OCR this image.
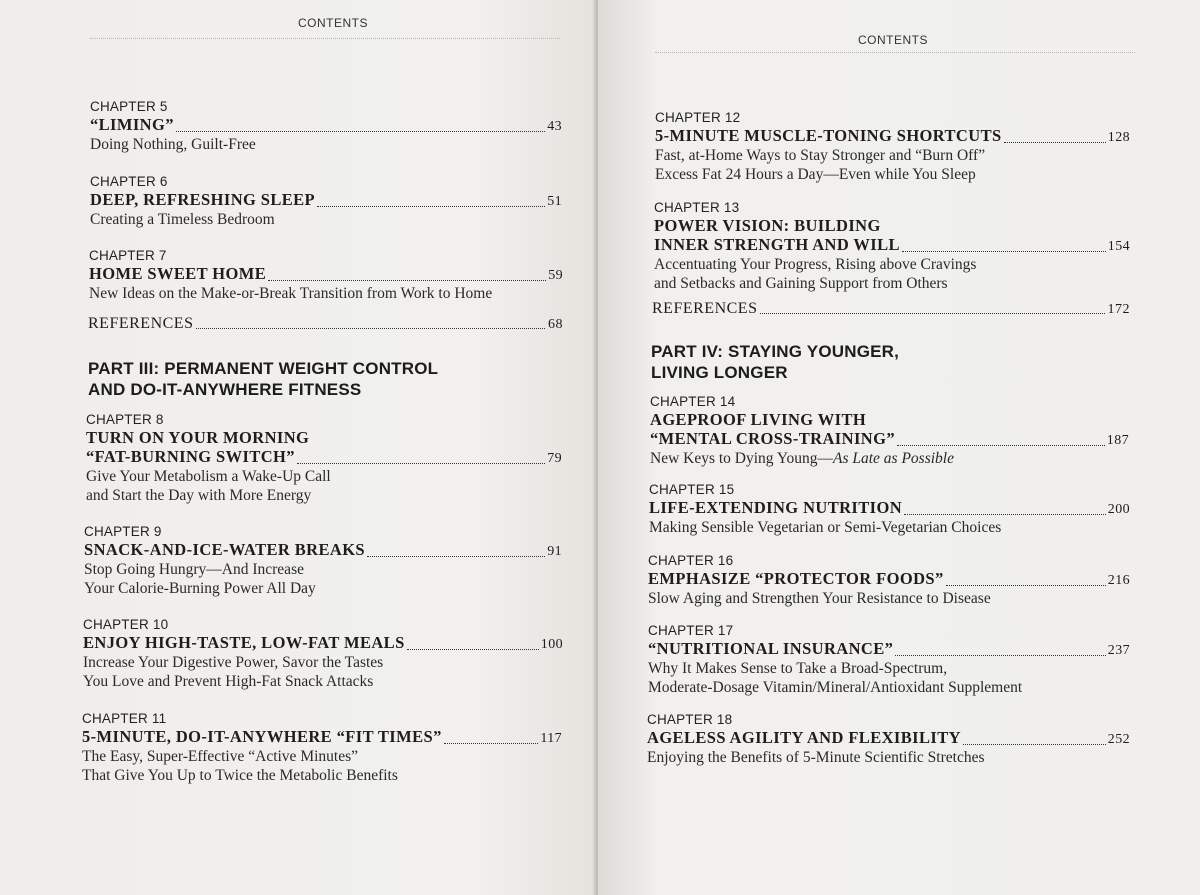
CONTENTS
CHAPTER 5
“LIMING”	43
Doing Nothing, Guilt-Free
CHAPTER 6
DEEP, REFRESHING SLEEP	51
Creating a Timeless Bedroom
CHAPTER 7
HOME SWEET HOME	59
New Ideas on the Make-or-Break Transition from Work to Home
REFERENCES	68
PART III: PERMANENT WEIGHT CONTROL
AND DO-IT-ANYWHERE FITNESS
CHAPTER 8
TURN ON YOUR MORNING
“FAT-BURNING SWITCH”	79
Give Your Metabolism a Wake-Up Call
and Start the Day with More Energy
CHAPTER 9
SNACK-AND-ICE-WATER BREAKS	91
Stop Going Hungry—And Increase
Your Calorie-Burning Power All Day
CHAPTER 10
ENJOY HIGH-TASTE, LOW-FAT MEALS	100
Increase Your Digestive Power, Savor the Tastes
You Love and Prevent High-Fat Snack Attacks
CHAPTER 11
5-MINUTE, DO-IT-ANYWHERE “FIT TIMES”	117
The Easy, Super-Effective “Active Minutes”
That Give You Up to Twice the Metabolic Benefits
CONTENTS
CHAPTER 12
5-MINUTE MUSCLE-TONING SHORTCUTS	128
Fast, at-Home Ways to Stay Stronger and “Burn Off”
Excess Fat 24 Hours a Day—Even while You Sleep
CHAPTER 13
POWER VISION: BUILDING
INNER STRENGTH AND WILL	154
Accentuating Your Progress, Rising above Cravings
and Setbacks and Gaining Support from Others
REFERENCES	172
PART IV: STAYING YOUNGER,
LIVING LONGER
CHAPTER 14
AGEPROOF LIVING WITH
“MENTAL CROSS-TRAINING”	187
New Keys to Dying Young—As Late as Possible
CHAPTER 15
LIFE-EXTENDING NUTRITION	200
Making Sensible Vegetarian or Semi-Vegetarian Choices
CHAPTER 16
EMPHASIZE “PROTECTOR FOODS”	216
Slow Aging and Strengthen Your Resistance to Disease
CHAPTER 17
“NUTRITIONAL INSURANCE”	237
Why It Makes Sense to Take a Broad-Spectrum,
Moderate-Dosage Vitamin/Mineral/Antioxidant Supplement
CHAPTER 18
AGELESS AGILITY AND FLEXIBILITY	252
Enjoying the Benefits of 5-Minute Scientific Stretches
